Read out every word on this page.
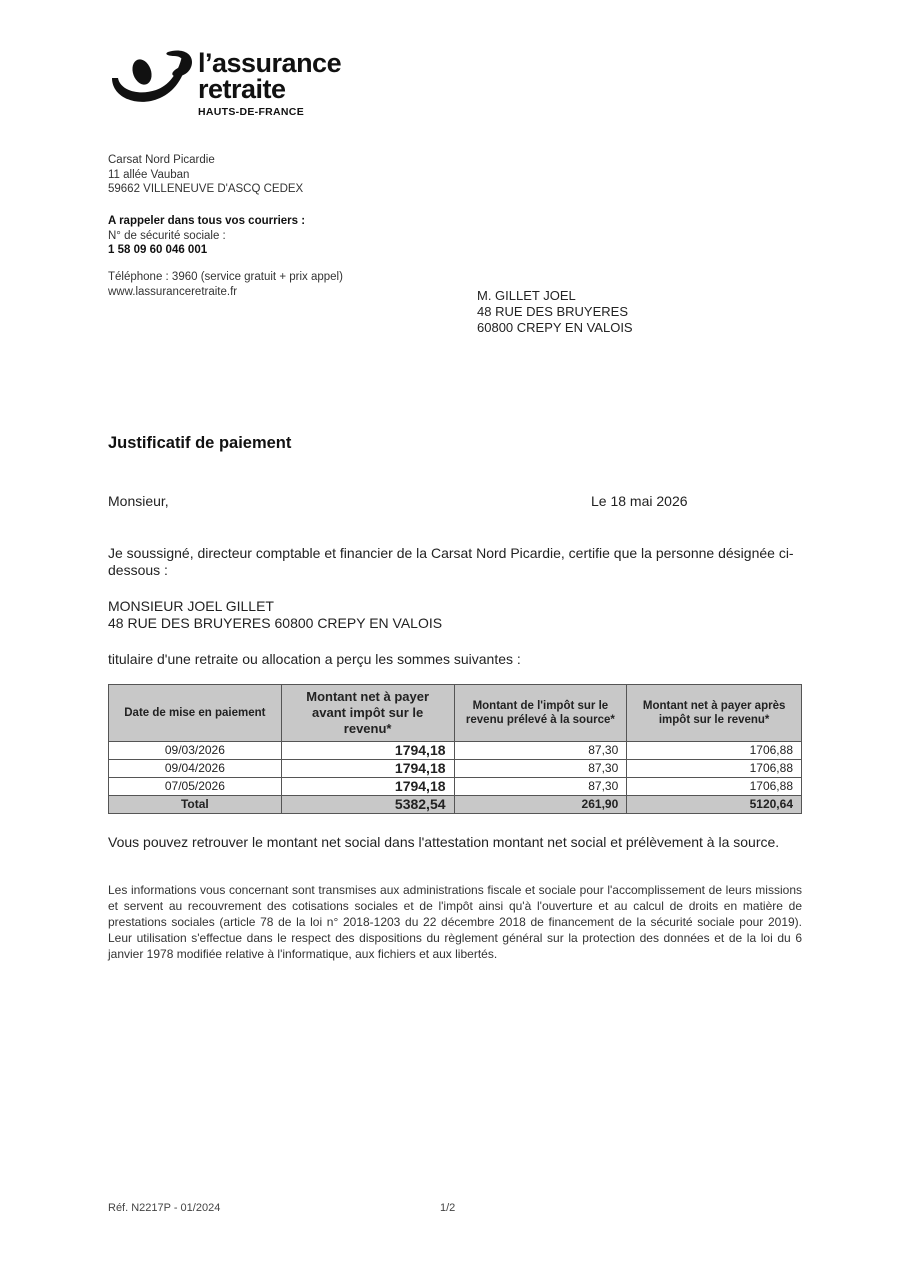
l’assurance
retraite
HAUTS-DE-FRANCE
Carsat Nord Picardie
11 allée Vauban
59662 VILLENEUVE D'ASCQ CEDEX
A rappeler dans tous vos courriers :
N° de sécurité sociale :
1 58 09 60 046 001
Téléphone : 3960 (service gratuit + prix appel)
www.lassuranceretraite.fr	M. GILLET JOEL
48 RUE DES BRUYERES
60800 CREPY EN VALOIS
Justificatif de paiement
Monsieur,	Le 18 mai 2026
Je soussigné, directeur comptable et financier de la Carsat Nord Picardie, certifie que la personne désignée ci-dessous :
MONSIEUR JOEL GILLET
48 RUE DES BRUYERES 60800 CREPY EN VALOIS
titulaire d'une retraite ou allocation a perçu les sommes suivantes :
Date de mise en paiement	Montant net à payer avant impôt sur le revenu*	Montant de l'impôt sur le revenu prélevé à la source*	Montant net à payer après impôt sur le revenu*
09/03/2026	1794,18	87,30	1706,88
09/04/2026	1794,18	87,30	1706,88
07/05/2026	1794,18	87,30	1706,88
Total	5382,54	261,90	5120,64
Vous pouvez retrouver le montant net social dans l'attestation montant net social et prélèvement à la source.
Les informations vous concernant sont transmises aux administrations fiscale et sociale pour l'accomplissement de leurs missions et servent au recouvrement des cotisations sociales et de l'impôt ainsi qu'à l'ouverture et au calcul de droits en matière de prestations sociales (article 78 de la loi n° 2018-1203 du 22 décembre 2018 de financement de la sécurité sociale pour 2019). Leur utilisation s'effectue dans le respect des dispositions du règlement général sur la protection des données et de la loi du 6 janvier 1978 modifiée relative à l'informatique, aux fichiers et aux libertés.
Réf. N2217P - 01/2024	1/2
